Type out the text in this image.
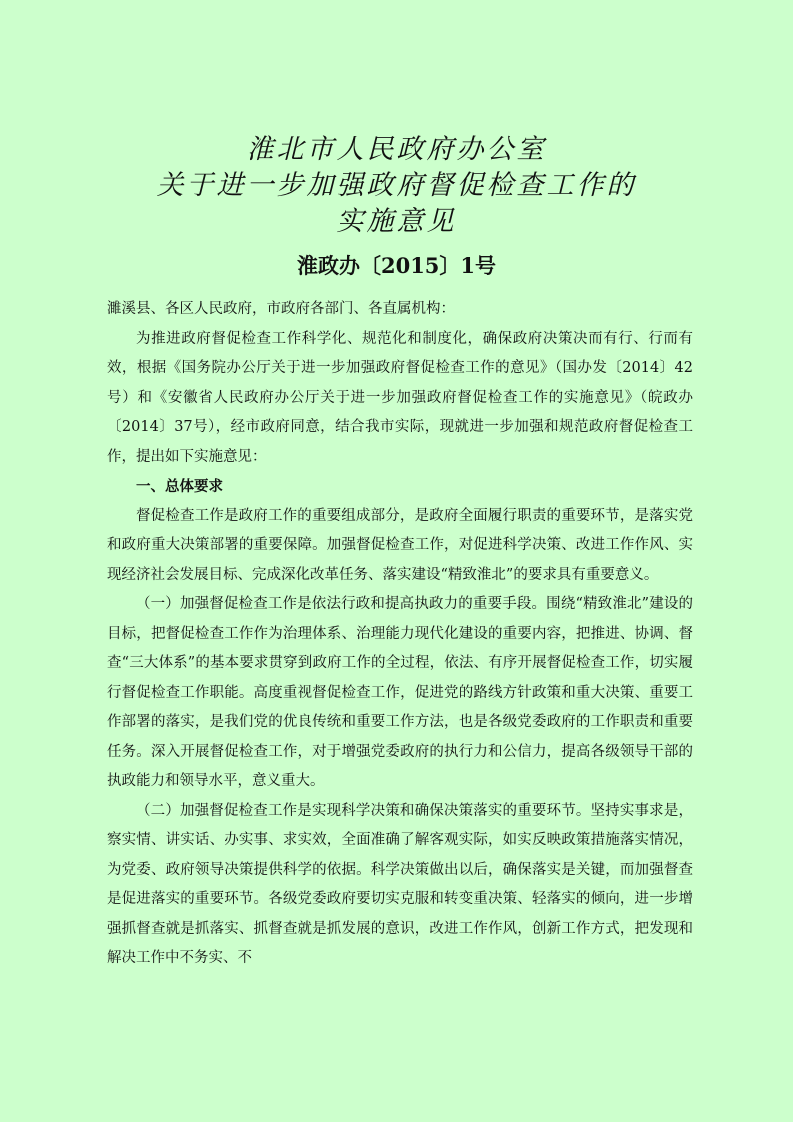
淮北市人民政府办公室
关于进一步加强政府督促检查工作的
实施意见
淮政办〔2015〕1号

濉溪县、各区人民政府，市政府各部门、各直属机构：

为推进政府督促检查工作科学化、规范化和制度化，确保政府决策决而有行、行而有效，根据《国务院办公厅关于进一步加强政府督促检查工作的意见》（国办发〔2014〕42号）和《安徽省人民政府办公厅关于进一步加强政府督促检查工作的实施意见》（皖政办〔2014〕37号），经市政府同意，结合我市实际，现就进一步加强和规范政府督促检查工作，提出如下实施意见：

一、总体要求

督促检查工作是政府工作的重要组成部分，是政府全面履行职责的重要环节，是落实党和政府重大决策部署的重要保障。加强督促检查工作，对促进科学决策、改进工作作风、实现经济社会发展目标、完成深化改革任务、落实建设“精致淮北”的要求具有重要意义。

（一）加强督促检查工作是依法行政和提高执政力的重要手段。围绕“精致淮北”建设的目标，把督促检查工作作为治理体系、治理能力现代化建设的重要内容，把推进、协调、督查“三大体系”的基本要求贯穿到政府工作的全过程，依法、有序开展督促检查工作，切实履行督促检查工作职能。高度重视督促检查工作，促进党的路线方针政策和重大决策、重要工作部署的落实，是我们党的优良传统和重要工作方法，也是各级党委政府的工作职责和重要任务。深入开展督促检查工作，对于增强党委政府的执行力和公信力，提高各级领导干部的执政能力和领导水平，意义重大。

（二）加强督促检查工作是实现科学决策和确保决策落实的重要环节。坚持实事求是，察实情、讲实话、办实事、求实效，全面准确了解客观实际，如实反映政策措施落实情况，为党委、政府领导决策提供科学的依据。科学决策做出以后，确保落实是关键，而加强督查是促进落实的重要环节。各级党委政府要切实克服和转变重决策、轻落实的倾向，进一步增强抓督查就是抓落实、抓督查就是抓发展的意识，改进工作作风，创新工作方式，把发现和解决工作中不务实、不
